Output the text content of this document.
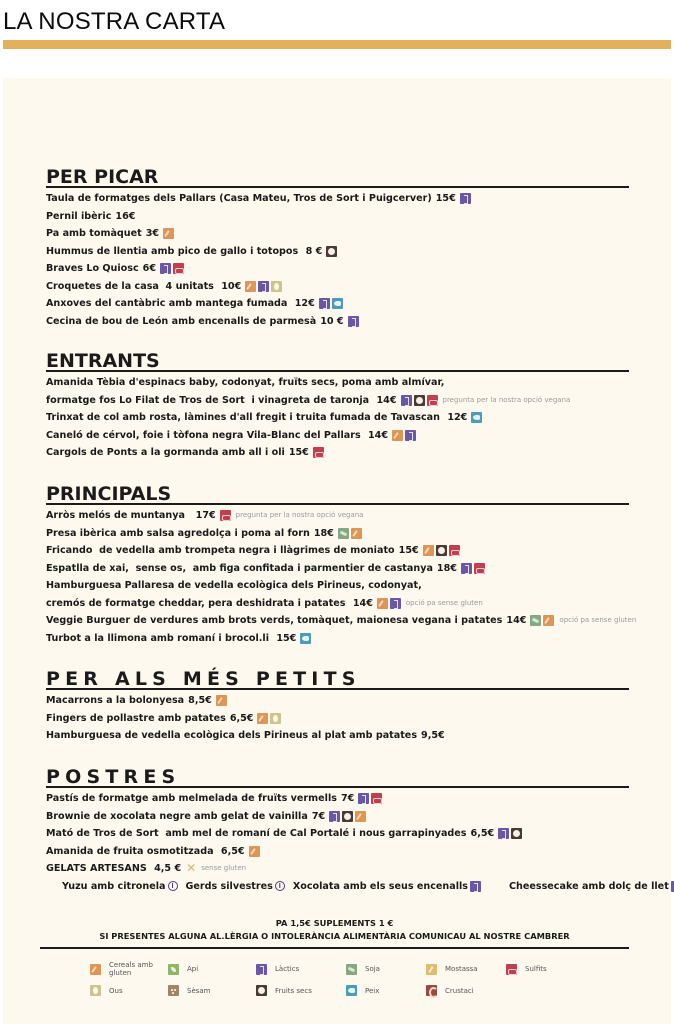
LA NOSTRA CARTA
PER PICAR
Taula de formatges dels Pallars (Casa Mateu, Tros de Sort i Puigcerver) 15€
Pernil ibèric 16€
Pa amb tomàquet 3€
Hummus de llentia amb pico de gallo i totopos 8 €
Braves Lo Quiosc 6€
Croquetes de la casa  4 unitats 10€
Anxoves del cantàbric amb mantega fumada 12€
Cecina de bou de León amb encenalls de parmesà 10 €
ENTRANTS
Amanida Tèbia d'espinacs baby, codonyat, fruïts secs, poma amb almívar,
formatge fos Lo Filat de Tros de Sort  i vinagreta de taronja 14€	pregunta per la nostra opció vegana
Trinxat de col amb rosta, làmines d'all fregit i truita fumada de Tavascan 12€
Caneló de cérvol, foie i tòfona negra Vila-Blanc del Pallars 14€
Cargols de Ponts a la gormanda amb all i oli 15€
PRINCIPALS
Arròs melós de muntanya 17€	pregunta per la nostra opció vegana
Presa ibèrica amb salsa agredolça i poma al forn 18€
Fricando  de vedella amb trompeta negra i llàgrimes de moniato 15€
Espatlla de xai,  sense os,  amb figa confitada i parmentier de castanya 18€
Hamburguesa Pallaresa de vedella ecològica dels Pirineus, codonyat,
cremós de formatge cheddar, pera deshidrata i patates 14€	opció pa sense gluten
Veggie Burguer de verdures amb brots verds, tomàquet, maionesa vegana i patates 14€	opció pa sense gluten
Turbot a la llimona amb romaní i brocol.li 15€
PER ALS MÉS PETITS
Macarrons a la bolonyesa 8,5€
Fingers de pollastre amb patates 6,5€
Hamburguesa de vedella ecològica dels Pirineus al plat amb patates 9,5€
POSTRES
Pastís de formatge amb melmelada de fruïts vermells 7€
Brownie de xocolata negre amb gelat de vainilla 7€
Mató de Tros de Sort  amb mel de romaní de Cal Portalé i nous garrapinyades 6,5€
Amanida de fruita osmotitzada 6,5€
GELATS ARTESANS 4,5 € ✕ sense gluten
Yuzu amb citronela l	Gerds silvestres l	Xocolata amb els seus encenalls	Cheessecake amb dolç de llet
PA 1,5€ SUPLEMENTS 1 €
SI PRESENTES ALGUNA AL.LÈRGIA O INTOLERÀNCIA ALIMENTÀRIA COMUNICAU AL NOSTRE CAMBRER
Cereals amb gluten	Api	Làctics	Soja	Mostassa	Sulfits
Ous	Sèsam	Fruits secs	Peix	Crustaci
